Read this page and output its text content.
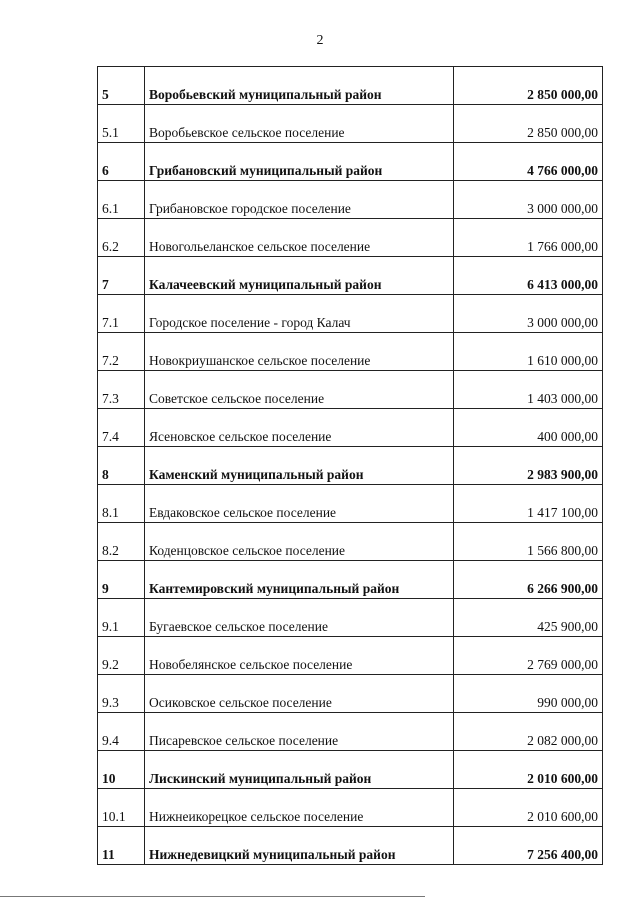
2
5	Воробьевский муниципальный район	2 850 000,00
5.1	Воробьевское сельское поселение	2 850 000,00
6	Грибановский муниципальный район	4 766 000,00
6.1	Грибановское городское поселение	3 000 000,00
6.2	Новогольеланское сельское поселение	1 766 000,00
7	Калачеевский муниципальный район	6 413 000,00
7.1	Городское поселение - город Калач	3 000 000,00
7.2	Новокриушанское сельское поселение	1 610 000,00
7.3	Советское сельское поселение	1 403 000,00
7.4	Ясеновское сельское поселение	400 000,00
8	Каменский муниципальный район	2 983 900,00
8.1	Евдаковское сельское поселение	1 417 100,00
8.2	Коденцовское сельское поселение	1 566 800,00
9	Кантемировский муниципальный район	6 266 900,00
9.1	Бугаевское сельское поселение	425 900,00
9.2	Новобелянское сельское поселение	2 769 000,00
9.3	Осиковское сельское поселение	990 000,00
9.4	Писаревское сельское поселение	2 082 000,00
10	Лискинский муниципальный район	2 010 600,00
10.1	Нижнеикорецкое сельское поселение	2 010 600,00
11	Нижнедевицкий муниципальный район	7 256 400,00
